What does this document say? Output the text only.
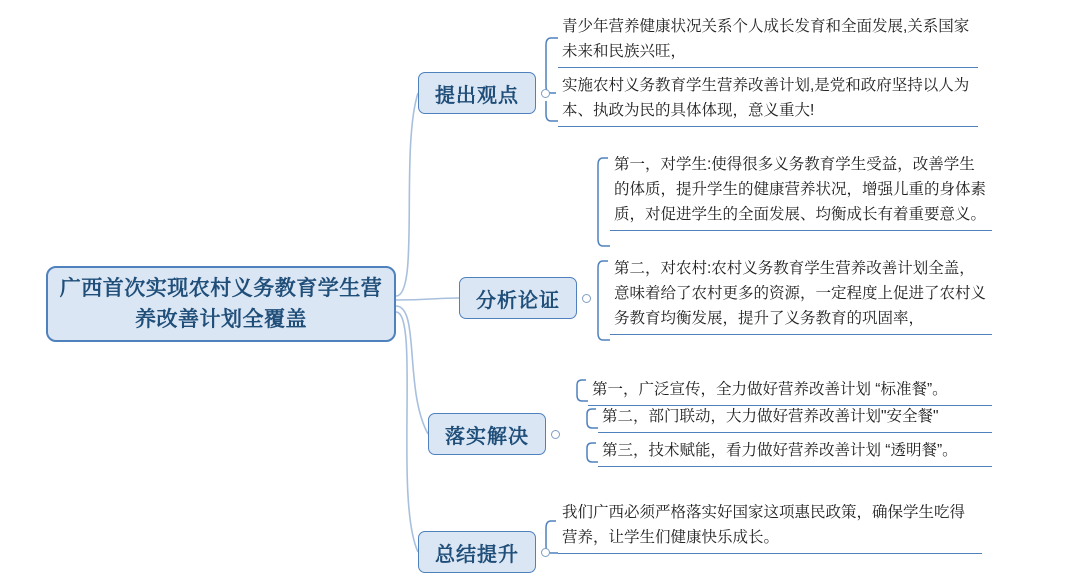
广西首次实现农村义务教育学生营养改善计划全覆盖
提出观点
青少年营养健康状况关系个人成长发育和全面发展,关系国家未来和民族兴旺，
实施农村义务教育学生营养改善计划,是党和政府坚持以人为本、执政为民的具体体现，意义重大!
分析论证
第一，对学生:使得很多义务教育学生受益，改善学生的体质，提升学生的健康营养状况，增强儿重的身体素质，对促进学生的全面发展、均衡成长有着重要意义。
第二，对农村:农村义务教育学生营养改善计划全盖，意味着给了农村更多的资源，一定程度上促进了农村义务教育均衡发展，提升了义务教育的巩固率，
落实解决
第一，广泛宣传，全力做好营养改善计划 “标准餐”。
第二，部门联动，大力做好营养改善计划"安全餐"
第三，技术赋能，看力做好营养改善计划 “透明餐”。
总结提升
我们广西必须严格落实好国家这项惠民政策，确保学生吃得营养，让学生们健康快乐成长。
